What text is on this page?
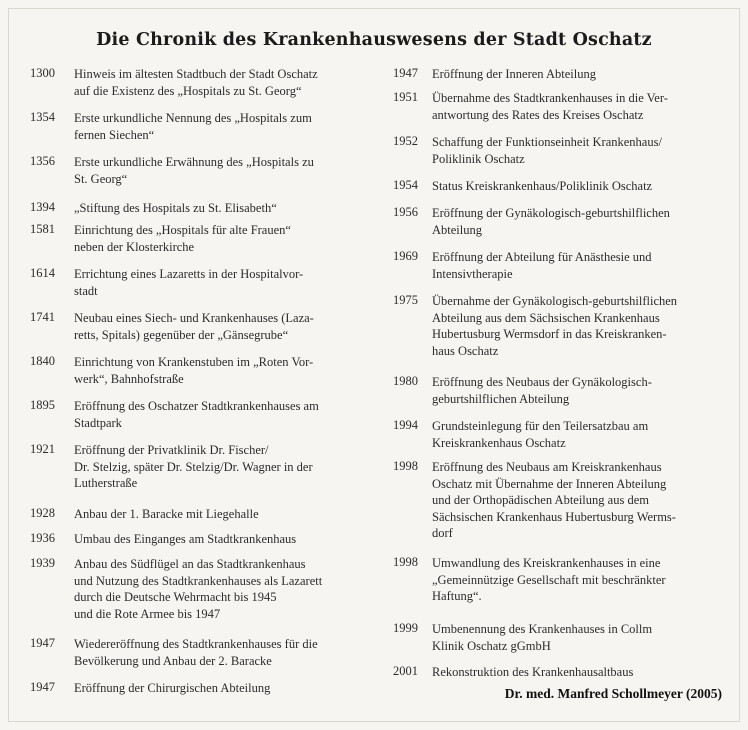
Die Chronik des Krankenhauswesens der Stadt Oschatz
1300 Hinweis im ältesten Stadtbuch der Stadt Oschatz
auf die Existenz des „Hospitals zu St. Georg“
1354 Erste urkundliche Nennung des „Hospitals zum
fernen Siechen“
1356 Erste urkundliche Erwähnung des „Hospitals zu
St. Georg“
1394 „Stiftung des Hospitals zu St. Elisabeth“
1581 Einrichtung des „Hospitals für alte Frauen“
neben der Klosterkirche
1614 Errichtung eines Lazaretts in der Hospitalvor-
stadt
1741 Neubau eines Siech- und Krankenhauses (Laza-
retts, Spitals) gegenüber der „Gänsegrube“
1840 Einrichtung von Krankenstuben im „Roten Vor-
werk“, Bahnhofstraße
1895 Eröffnung des Oschatzer Stadtkrankenhauses am
Stadtpark
1921 Eröffnung der Privatklinik Dr. Fischer/
Dr. Stelzig, später Dr. Stelzig/Dr. Wagner in der
Lutherstraße
1928 Anbau der 1. Baracke mit Liegehalle
1936 Umbau des Einganges am Stadtkrankenhaus
1939 Anbau des Südflügel an das Stadtkrankenhaus
und Nutzung des Stadtkrankenhauses als Lazarett
durch die Deutsche Wehrmacht bis 1945
und die Rote Armee bis 1947
1947 Wiedereröffnung des Stadtkrankenhauses für die
Bevölkerung und Anbau der 2. Baracke
1947 Eröffnung der Chirurgischen Abteilung
1947 Eröffnung der Inneren Abteilung
1951 Übernahme des Stadtkrankenhauses in die Ver-
antwortung des Rates des Kreises Oschatz
1952 Schaffung der Funktionseinheit Krankenhaus/
Poliklinik Oschatz
1954 Status Kreiskrankenhaus/Poliklinik Oschatz
1956 Eröffnung der Gynäkologisch-geburtshilflichen
Abteilung
1969 Eröffnung der Abteilung für Anästhesie und
Intensivtherapie
1975 Übernahme der Gynäkologisch-geburtshilflichen
Abteilung aus dem Sächsischen Krankenhaus
Hubertusburg Wermsdorf in das Kreiskranken-
haus Oschatz
1980 Eröffnung des Neubaus der Gynäkologisch-
geburtshilflichen Abteilung
1994 Grundsteinlegung für den Teilersatzbau am
Kreiskrankenhaus Oschatz
1998 Eröffnung des Neubaus am Kreiskrankenhaus
Oschatz mit Übernahme der Inneren Abteilung
und der Orthopädischen Abteilung aus dem
Sächsischen Krankenhaus Hubertusburg Werms-
dorf
1998 Umwandlung des Kreiskrankenhauses in eine
„Gemeinnützige Gesellschaft mit beschränkter
Haftung“.
1999 Umbenennung des Krankenhauses in Collm
Klinik Oschatz gGmbH
2001 Rekonstruktion des Krankenhausaltbaus
Dr. med. Manfred Schollmeyer (2005)
